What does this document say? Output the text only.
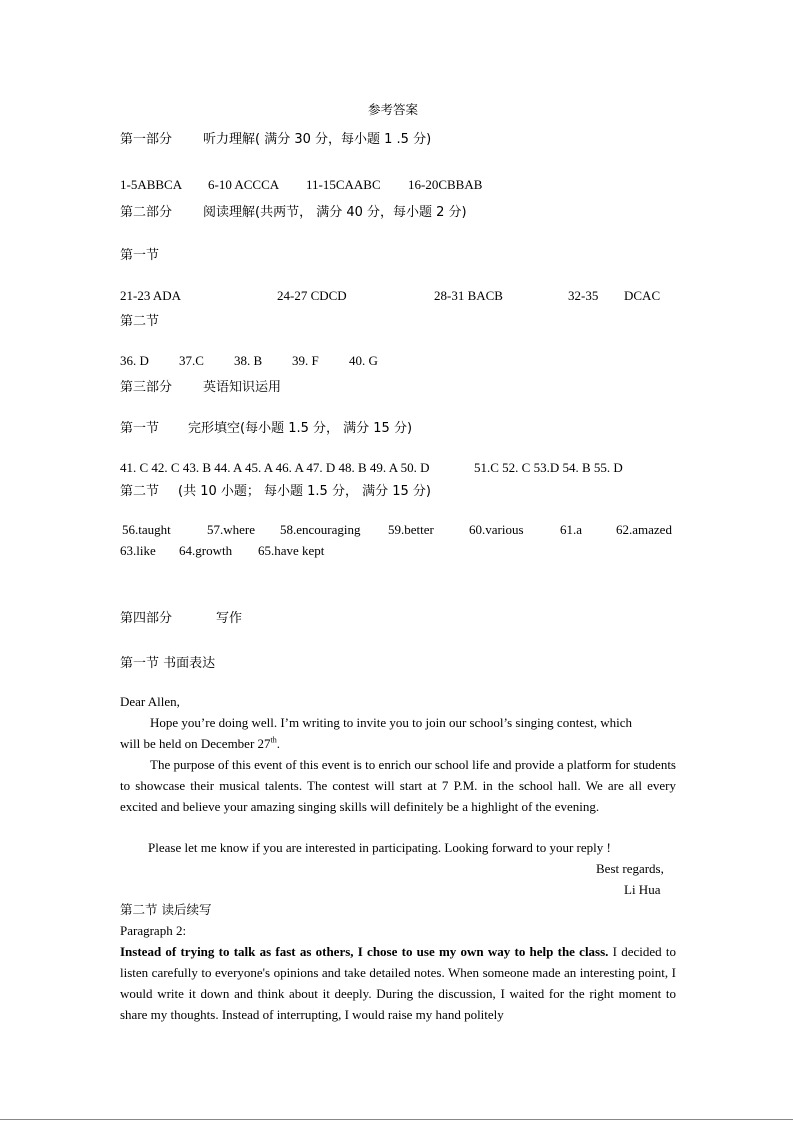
参考答案
第一部分 听力理解( 满分 30 分，每小题 1 .5 分)
1-5ABBCA 6-10 ACCCA 11-15CAABC 16-20CBBAB
第二部分 阅读理解(共两节， 满分 40 分，每小题 2 分)
第一节
21-23 ADA	24-27 CDCD	28-31 BACB	32-35 DCAC
第二节
36. D 37.C 38. B 39. F 40. G
第三部分 英语知识运用
第一节 完形填空(每小题 1.5 分， 满分 15 分)
41. C 42. C 43. B 44. A 45. A 46. A 47. D 48. B 49. A 50. D	51.C 52. C 53.D 54. B 55. D
第二节 (共 10 小题； 每小题 1.5 分， 满分 15 分)
56.taught	57.where 58.encouraging 59.better	60.various	61.a	62.amazed
63.like 64.growth 65.have kept
第四部分	写作
第一节 书面表达
Dear Allen,
Hope you’re doing well. I’m writing to invite you to join our school’s singing contest, which
will be held on December 27th.
The purpose of this event of this event is to enrich our school life and provide a platform for students to showcase their musical talents. The contest will start at 7 P.M. in the school hall. We are all every excited and believe your amazing singing skills will definitely be a highlight of the evening.
Please let me know if you are interested in participating. Looking forward to your reply !
Best regards,
Li Hua
第二节 读后续写
Paragraph 2:
Instead of trying to talk as fast as others, I chose to use my own way to help the class. I decided to listen carefully to everyone's opinions and take detailed notes. When someone made an interesting point, I would write it down and think about it deeply. During the discussion, I waited for the right moment to share my thoughts. Instead of interrupting, I would raise my hand politely
